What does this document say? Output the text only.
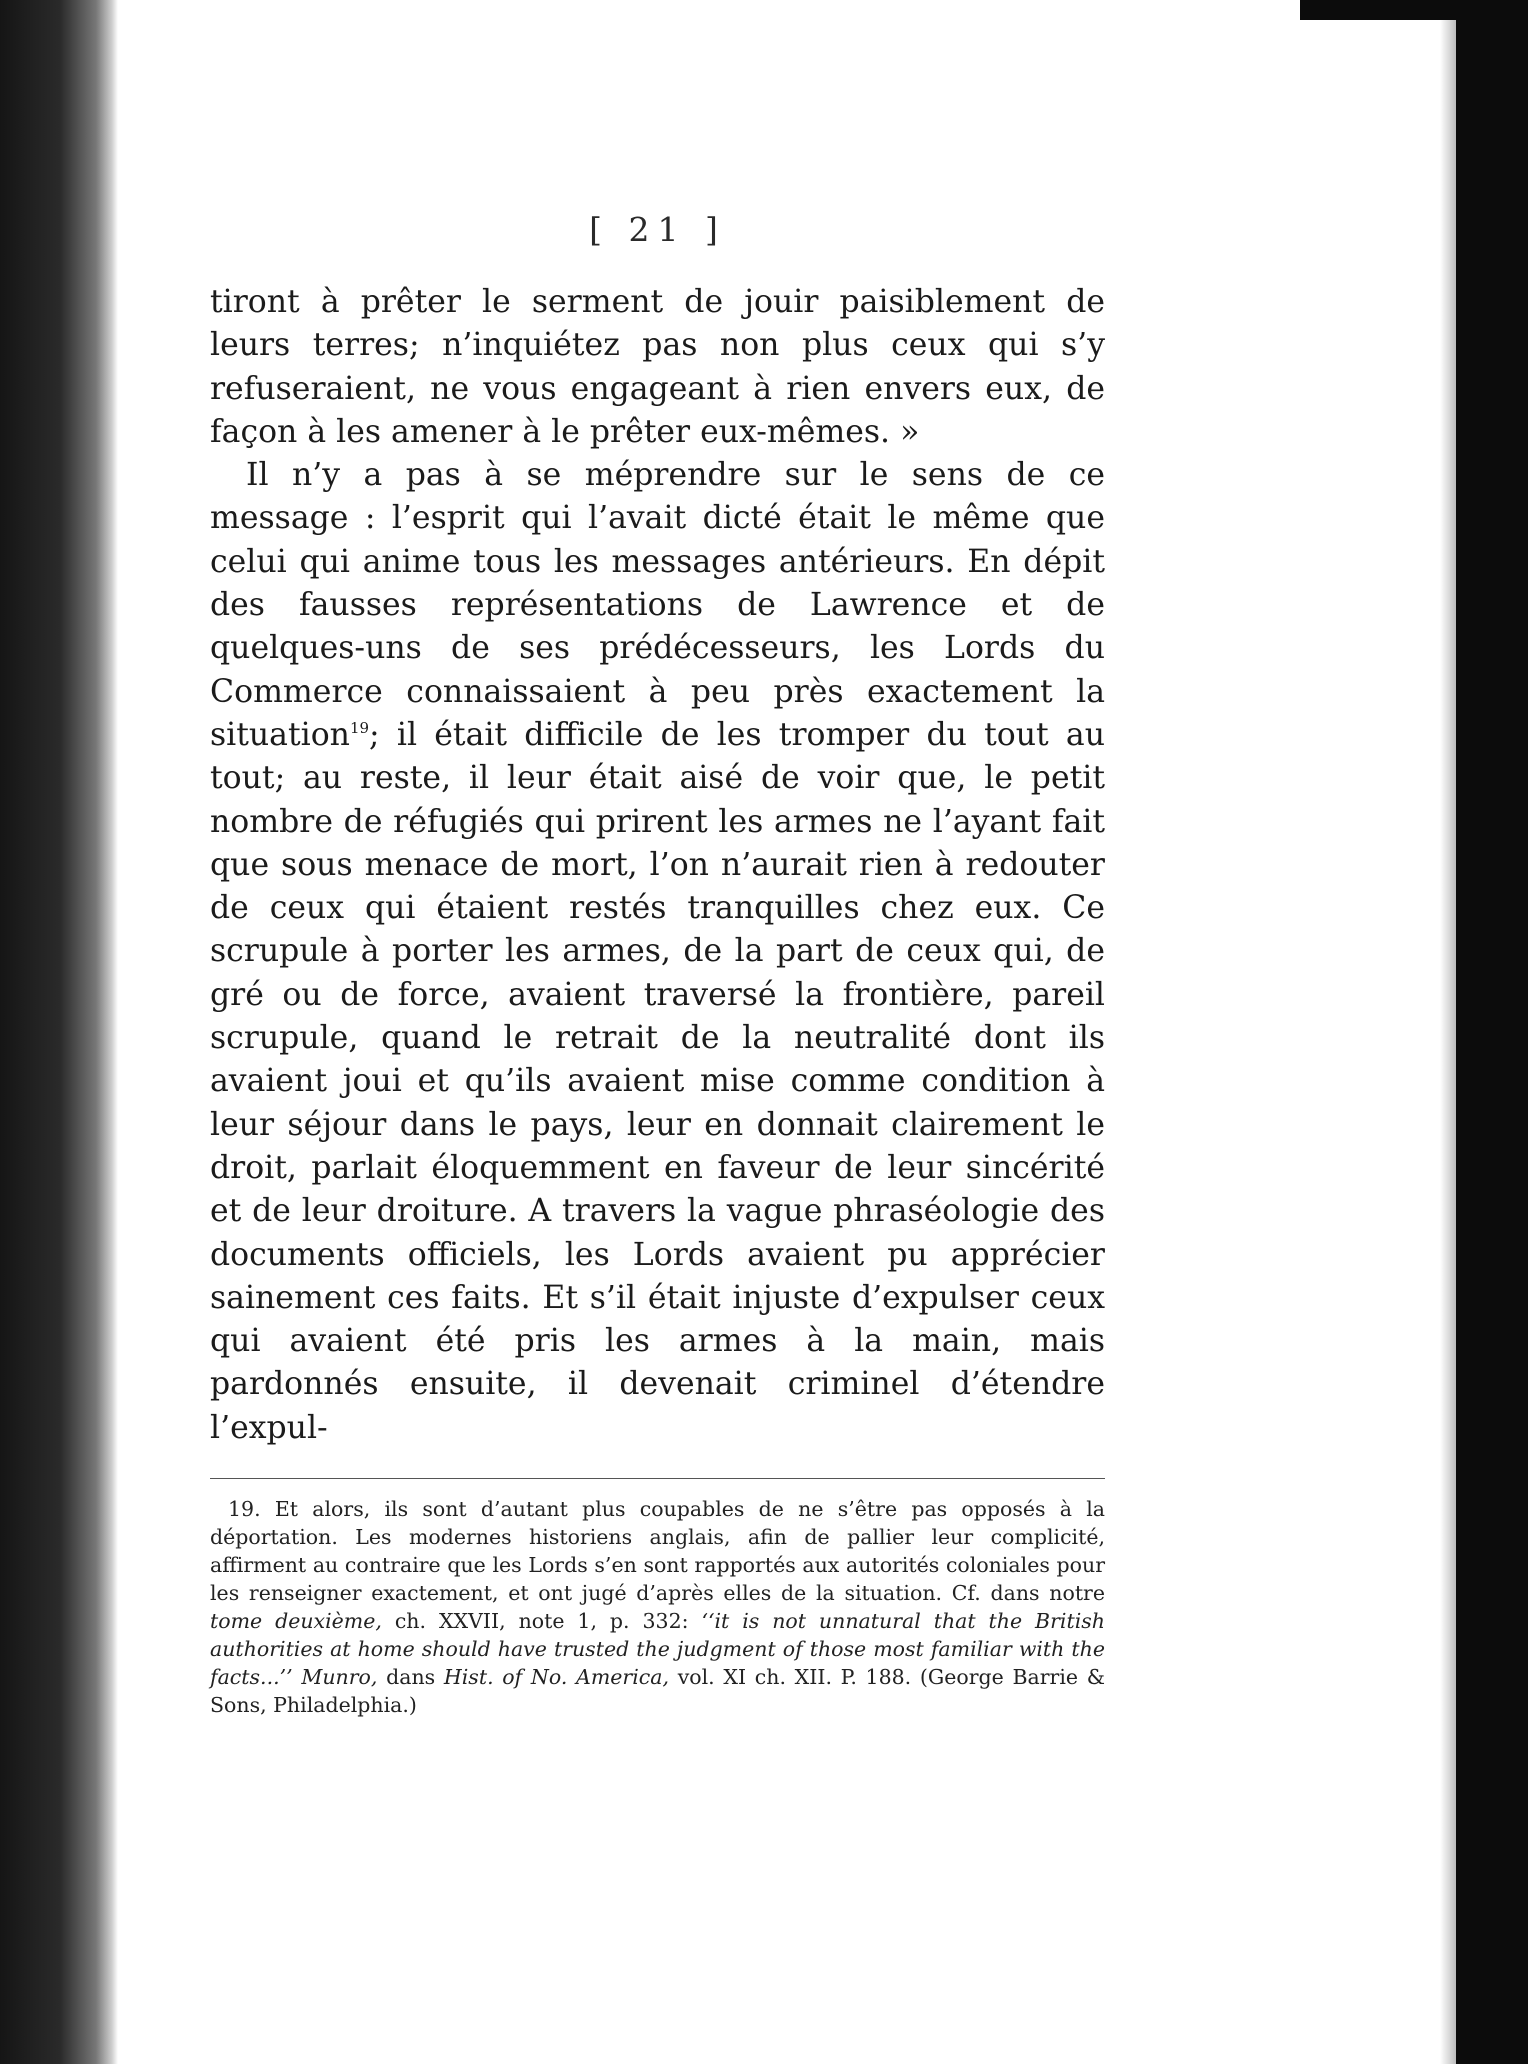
[ 21 ]

tiront à prêter le serment de jouir paisiblement de leurs terres; n’inquiétez pas non plus ceux qui s’y refuseraient, ne vous engageant à rien envers eux, de façon à les amener à le prêter eux-mêmes. »

Il n’y a pas à se méprendre sur le sens de ce message : l’esprit qui l’avait dicté était le même que celui qui anime tous les messages antérieurs. En dépit des fausses représentations de Lawrence et de quelques-uns de ses prédécesseurs, les Lords du Commerce connaissaient à peu près exactement la situation$^{19}$; il était difficile de les tromper du tout au tout; au reste, il leur était aisé de voir que, le petit nombre de réfugiés qui prirent les armes ne l’ayant fait que sous menace de mort, l’on n’aurait rien à redouter de ceux qui étaient restés tranquilles chez eux. Ce scrupule à porter les armes, de la part de ceux qui, de gré ou de force, avaient traversé la frontière, pareil scrupule, quand le retrait de la neutralité dont ils avaient joui et qu’ils avaient mise comme condition à leur séjour dans le pays, leur en donnait clairement le droit, parlait éloquemment en faveur de leur sincérité et de leur droiture. A travers la vague phraséologie des documents officiels, les Lords avaient pu apprécier sainement ces faits. Et s’il était injuste d’expulser ceux qui avaient été pris les armes à la main, mais pardonnés ensuite, il devenait criminel d’étendre l’expul-

19. Et alors, ils sont d’autant plus coupables de ne s’être pas opposés à la déportation. Les modernes historiens anglais, afin de pallier leur complicité, affirment au contraire que les Lords s’en sont rapportés aux autorités coloniales pour les renseigner exactement, et ont jugé d’après elles de la situation. Cf. dans notre tome deuxième, ch. XXVII, note 1, p. 332: ‘‘it is not unnatural that the British authorities at home should have trusted the judgment of those most familiar with the facts...’’ Munro, dans Hist. of No. America, vol. XI ch. XII. P. 188. (George Barrie & Sons, Philadelphia.)
